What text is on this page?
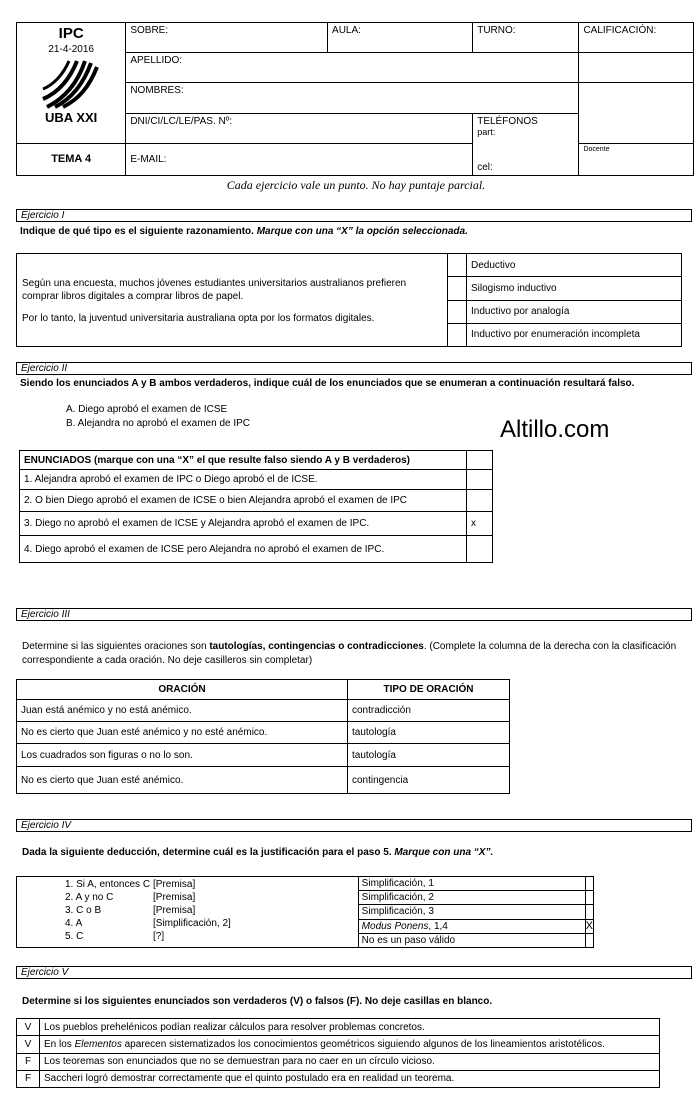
IPC
21-4-2016
UBA XXI	SOBRE:	AULA:	TURNO:	CALIFICACIÓN:
	APELLIDO:			
	NOMBRES:			
	DNI/CI/LC/LE/PAS. Nº:		TELÉFONOS
part:	

TEMA 4	E-MAIL:		cel:	Docente
Cada ejercicio vale un punto. No hay puntaje parcial.
Ejercicio I
Indique de qué tipo es el siguiente razonamiento. Marque con una “X” la opción seleccionada.
Según una encuesta, muchos jóvenes estudiantes universitarios australianos prefieren comprar libros digitales a comprar libros de papel.
Por lo tanto, la juventud universitaria australiana opta por los formatos digitales.		Deductivo
		Silogismo inductivo
		Inductivo por analogía
		Inductivo por enumeración incompleta
Ejercicio II
Siendo los enunciados A y B ambos verdaderos, indique cuál de los enunciados que se enumeran a continuación resultará falso.
A. Diego aprobó el examen de ICSE
B. Alejandra no aprobó el examen de IPC	Altillo.com
ENUNCIADOS (marque con una “X” el que resulte falso siendo A y B verdaderos)	
1. Alejandra aprobó el examen de IPC o Diego aprobó el de ICSE.	
2. O bien Diego aprobó el examen de ICSE o bien Alejandra aprobó el examen de IPC	
3. Diego no aprobó el examen de ICSE y Alejandra aprobó el examen de IPC.	x
4. Diego aprobó el examen de ICSE pero Alejandra no aprobó el examen de IPC.	
Ejercicio III
Determine si las siguientes oraciones son tautologías, contingencias o contradicciones. (Complete la columna de la derecha con la clasificación correspondiente a cada oración. No deje casilleros sin completar)
ORACIÓN	TIPO DE ORACIÓN
Juan está anémico y no está anémico.	contradicción
No es cierto que Juan esté anémico y no esté anémico.	tautología
Los cuadrados son figuras o no lo son.	tautología
No es cierto que Juan esté anémico.	contingencia
Ejercicio IV
Dada la siguiente deducción, determine cuál es la justificación para el paso 5. Marque con una “X”.
1. Si A, entonces C [Premisa]
2. A y no C [Premisa]
3. C o B [Premisa]
4. A [Simplificación, 2]
5. C [?]	Simplificación, 1	
	Simplificación, 2	
	Simplificación, 3	
	Modus Ponens, 1,4	X
	No es un paso válido	
Ejercicio V
Determine si los siguientes enunciados son verdaderos (V) o falsos (F). No deje casillas en blanco.
V	Los pueblos prehelénicos podían realizar cálculos para resolver problemas concretos.
V	En los Elementos aparecen sistematizados los conocimientos geométricos siguiendo algunos de los lineamientos aristotélicos.
F	Los teoremas son enunciados que no se demuestran para no caer en un círculo vicioso.
F	Saccheri logró demostrar correctamente que el quinto postulado era en realidad un teorema.
